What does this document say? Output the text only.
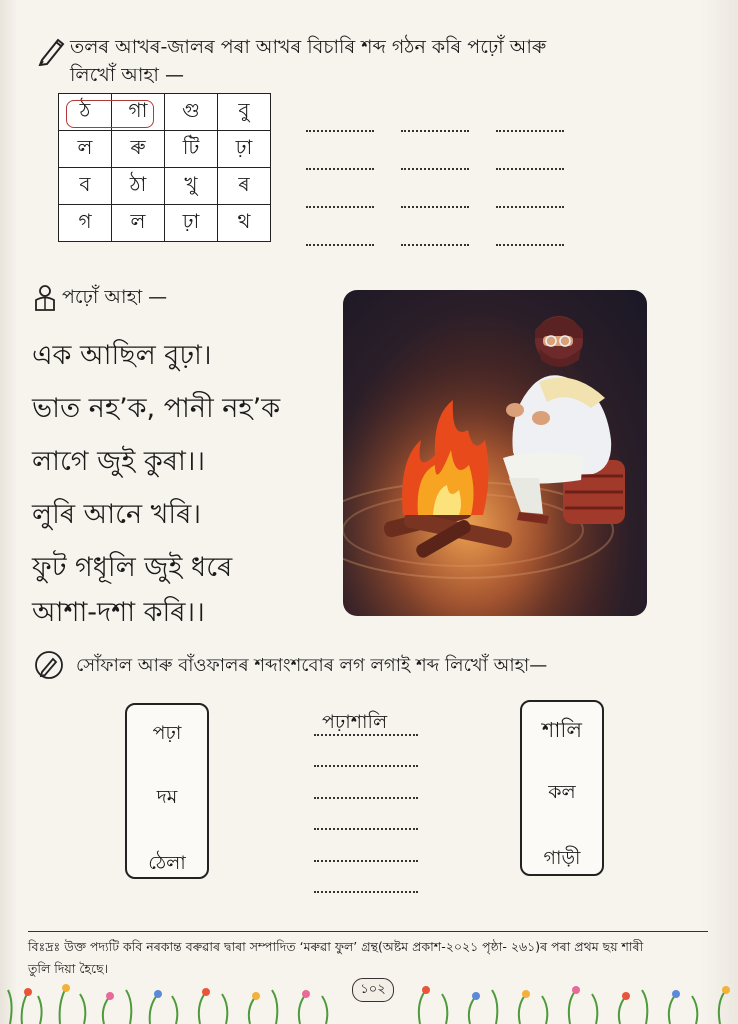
তলৰ আখৰ-জালৰ পৰা আখৰ বিচাৰি শব্দ গঠন কৰি পঢ়োঁ আৰু
লিখোঁ আহা —
ঠ	গা	গু	বু
ল	ৰু	টি	ঢ়া
ব	ঠা	খু	ৰ
গ	ল	ঢ়া	থ
পঢ়োঁ আহা —
এক আছিল বুঢ়া।
ভাত নহ’ক, পানী নহ’ক
লাগে জুই কুৰা।।
লুৰি আনে খৰি।
ফুট গধূলি জুই ধৰে
আশা-দশা কৰি।।
সোঁফাল আৰু বাঁওফালৰ শব্দাংশবোৰ লগ লগাই শব্দ লিখোঁ আহা—
পঢ়া
দম
ঠেলা
পঢ়াশালি	শালি
কল
গাড়ী
বিঃদ্রঃ উক্ত পদ্যটি কবি নৰকান্ত বৰুৱাৰ দ্বাৰা সম্পাদিত ‘মৰুৱা ফুল’ গ্ৰন্থ(অষ্টম প্ৰকাশ-২০২১ পৃষ্ঠা- ২৬১)ৰ পৰা প্ৰথম ছয় শাৰী
তুলি দিয়া হৈছে।
১০২
